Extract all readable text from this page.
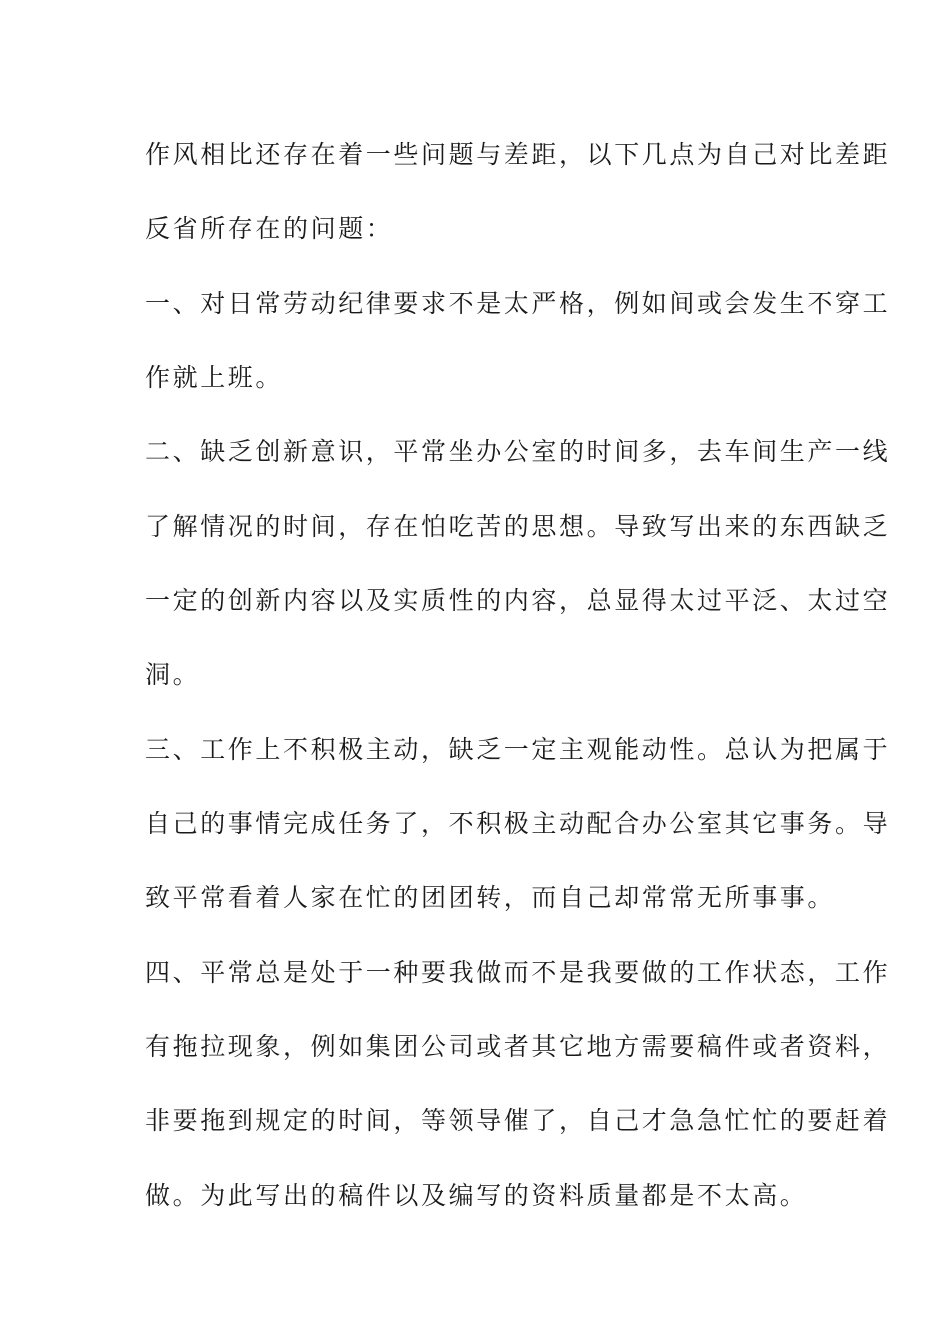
作风相比还存在着一些问题与差距，以下几点为自己对比差距
反省所存在的问题：
一、对日常劳动纪律要求不是太严格，例如间或会发生不穿工
作就上班。
二、缺乏创新意识，平常坐办公室的时间多，去车间生产一线
了解情况的时间，存在怕吃苦的思想。导致写出来的东西缺乏
一定的创新内容以及实质性的内容，总显得太过平泛、太过空
洞。
三、工作上不积极主动，缺乏一定主观能动性。总认为把属于
自己的事情完成任务了，不积极主动配合办公室其它事务。导
致平常看着人家在忙的团团转，而自己却常常无所事事。
四、平常总是处于一种要我做而不是我要做的工作状态，工作
有拖拉现象，例如集团公司或者其它地方需要稿件或者资料，
非要拖到规定的时间，等领导催了，自己才急急忙忙的要赶着
做。为此写出的稿件以及编写的资料质量都是不太高。
